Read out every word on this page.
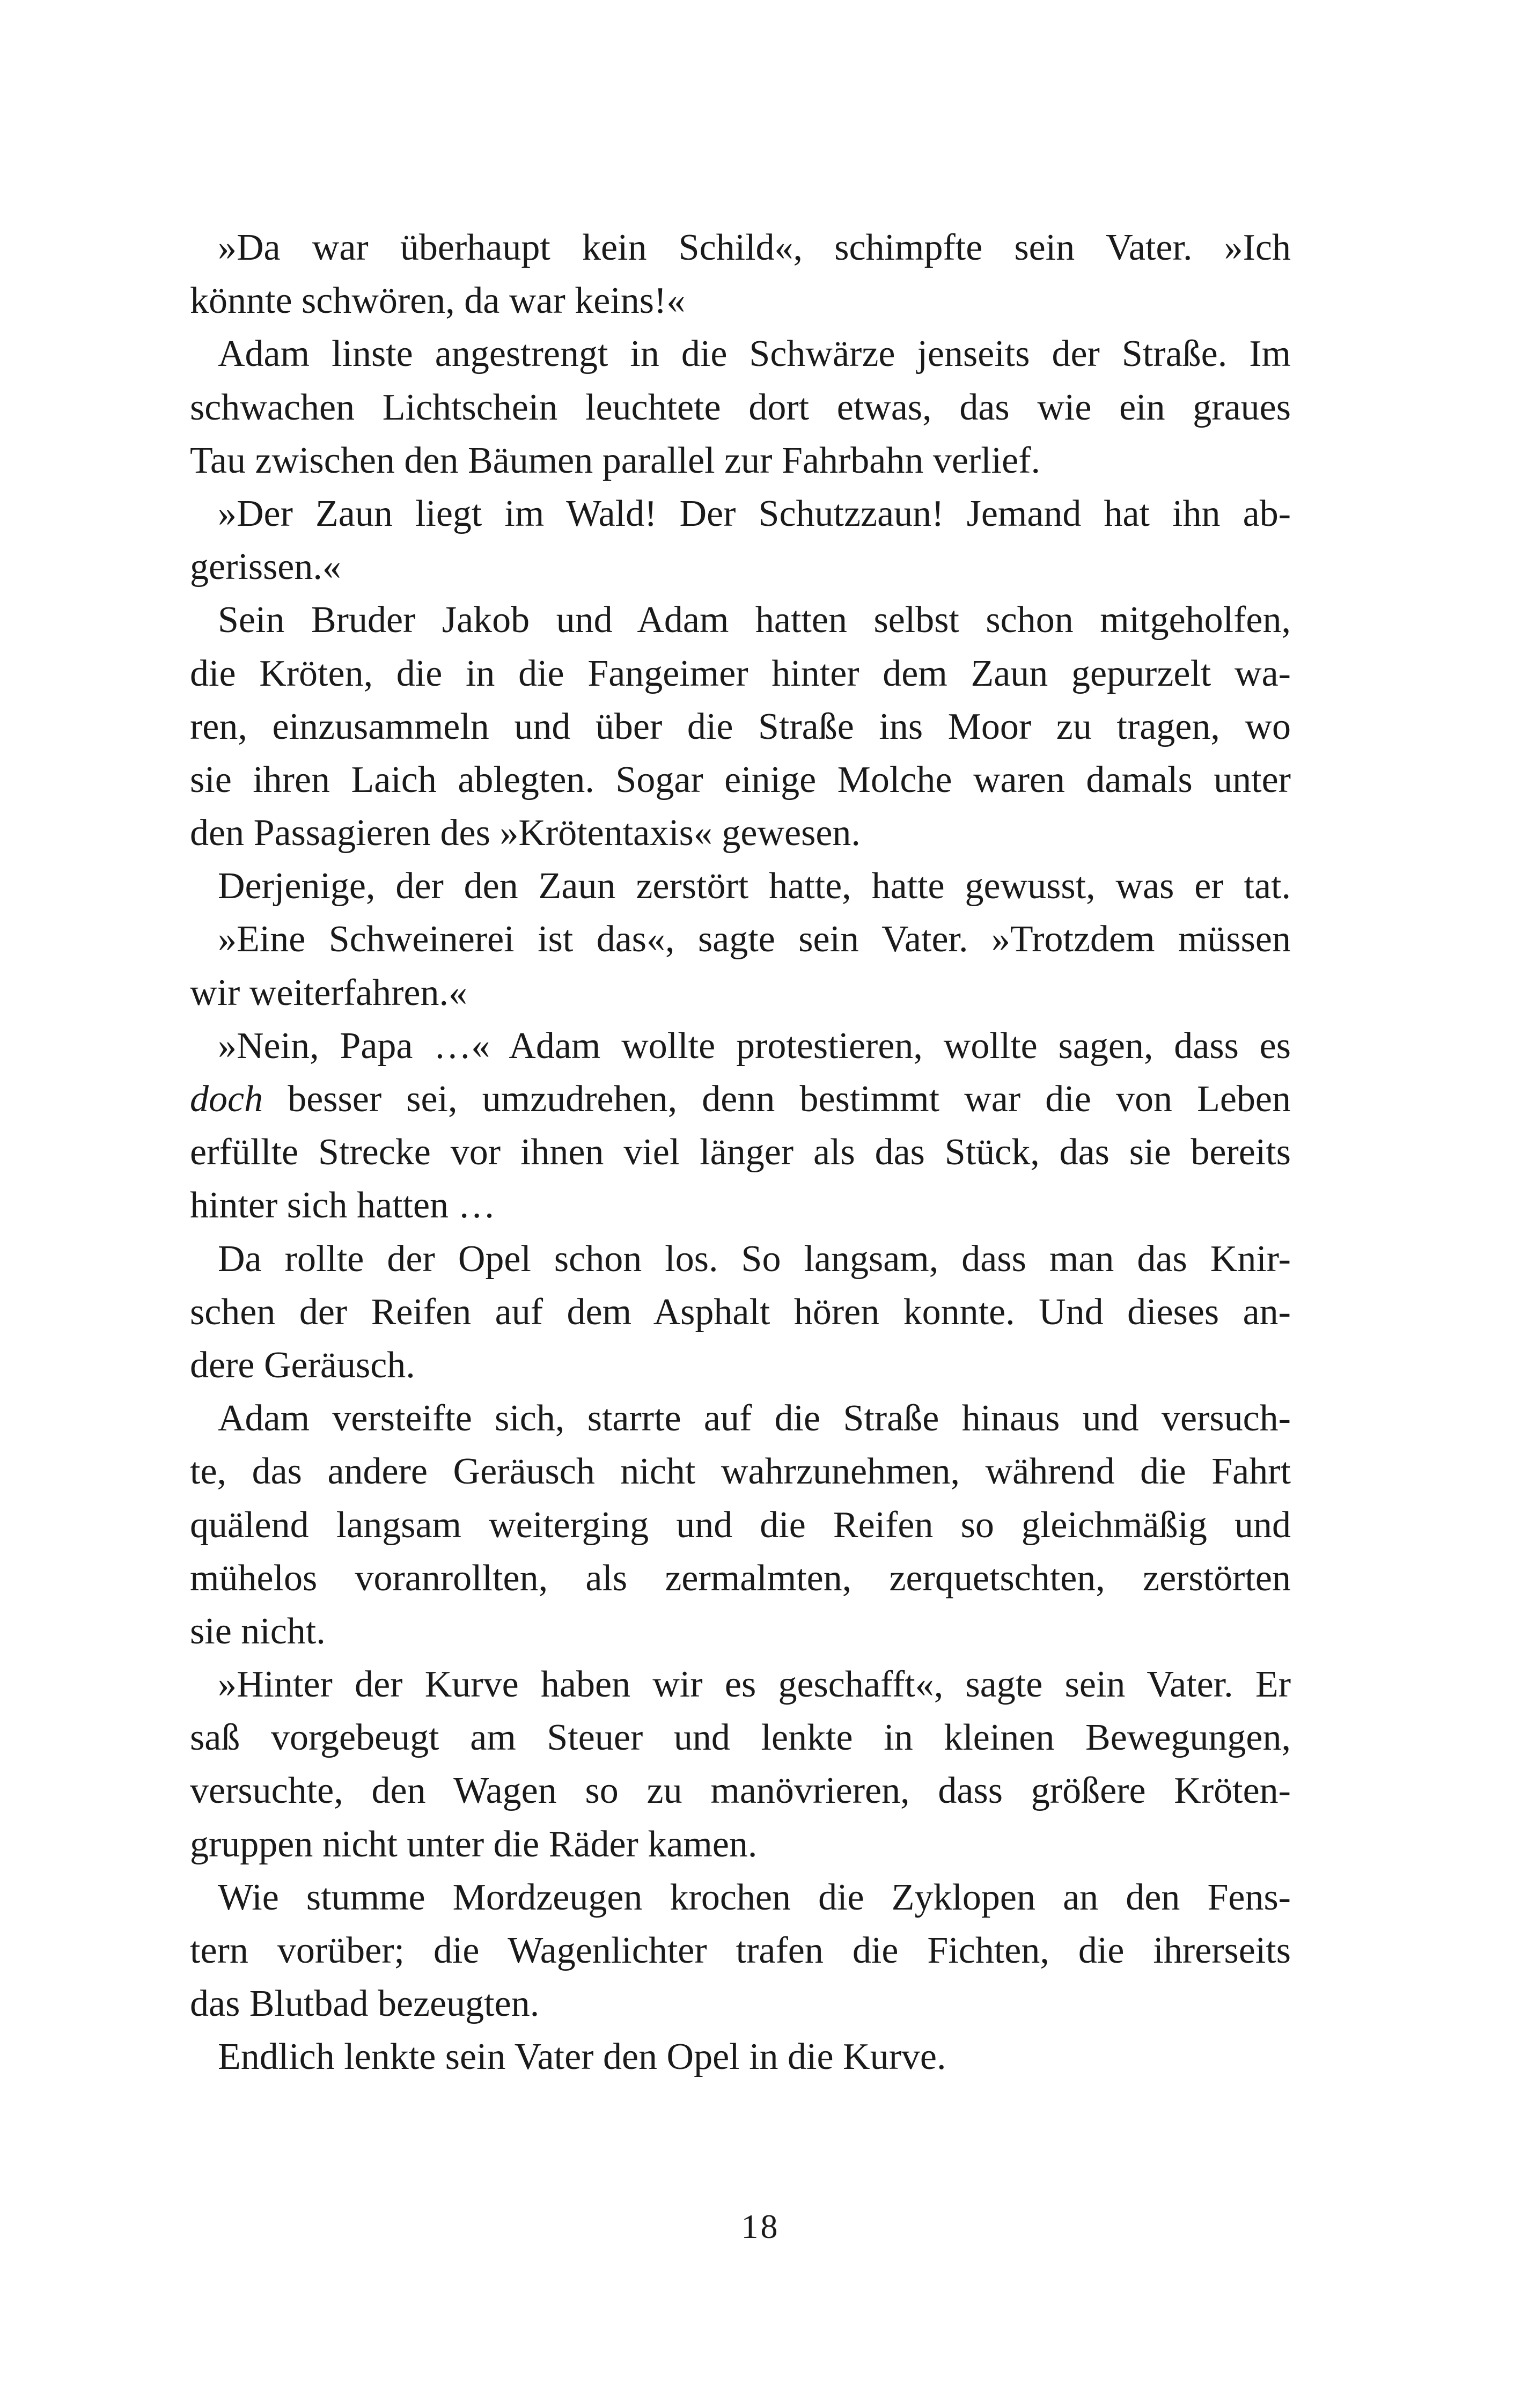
»Da war überhaupt kein Schild«, schimpfte sein Vater. »Ich
könnte schwören, da war keins!«
Adam linste angestrengt in die Schwärze jenseits der Straße. Im
schwachen Lichtschein leuchtete dort etwas, das wie ein graues
Tau zwischen den Bäumen parallel zur Fahrbahn verlief.
»Der Zaun liegt im Wald! Der Schutzzaun! Jemand hat ihn ab-
gerissen.«
Sein Bruder Jakob und Adam hatten selbst schon mitgeholfen,
die Kröten, die in die Fangeimer hinter dem Zaun gepurzelt wa-
ren, einzusammeln und über die Straße ins Moor zu tragen, wo
sie ihren Laich ablegten. Sogar einige Molche waren damals unter
den Passagieren des »Krötentaxis« gewesen.
Derjenige, der den Zaun zerstört hatte, hatte gewusst, was er tat.
»Eine Schweinerei ist das«, sagte sein Vater. »Trotzdem müssen
wir weiterfahren.«
»Nein, Papa …« Adam wollte protestieren, wollte sagen, dass es
doch besser sei, umzudrehen, denn bestimmt war die von Leben
erfüllte Strecke vor ihnen viel länger als das Stück, das sie bereits
hinter sich hatten …
Da rollte der Opel schon los. So langsam, dass man das Knir-
schen der Reifen auf dem Asphalt hören konnte. Und dieses an-
dere Geräusch.
Adam versteifte sich, starrte auf die Straße hinaus und versuch-
te, das andere Geräusch nicht wahrzunehmen, während die Fahrt
quälend langsam weiterging und die Reifen so gleichmäßig und
mühelos voranrollten, als zermalmten, zerquetschten, zerstörten
sie nicht.
»Hinter der Kurve haben wir es geschafft«, sagte sein Vater. Er
saß vorgebeugt am Steuer und lenkte in kleinen Bewegungen,
versuchte, den Wagen so zu manövrieren, dass größere Kröten-
gruppen nicht unter die Räder kamen.
Wie stumme Mordzeugen krochen die Zyklopen an den Fens-
tern vorüber; die Wagenlichter trafen die Fichten, die ihrerseits
das Blutbad bezeugten.
Endlich lenkte sein Vater den Opel in die Kurve.
18
